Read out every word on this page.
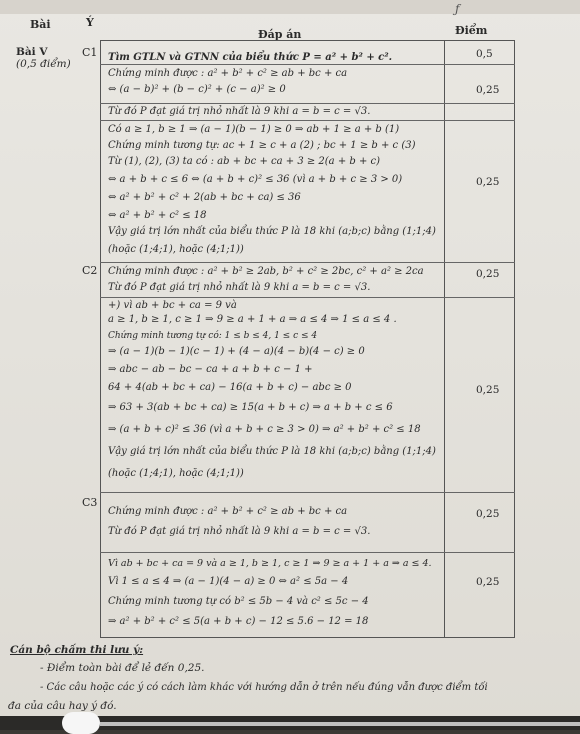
ƒ
Bài	Ý
Đáp án	Điểm
Bài V
(0,5 điểm)
C1 Tìm GTLN và GTNN của biểu thức P = a² + b² + c².
Chứng minh được : a² + b² + c² ≥ ab + bc + ca
⇔ (a − b)² + (b − c)² + (c − a)² ≥ 0
Từ đó P đạt giá trị nhỏ nhất là 9 khi a = b = c = √3.
Có a ≥ 1, b ≥ 1 ⇒ (a − 1)(b − 1) ≥ 0 ⇒ ab + 1 ≥ a + b (1)
Chứng minh tương tự: ac + 1 ≥ c + a (2) ; bc + 1 ≥ b + c (3)
Từ (1), (2), (3) ta có : ab + bc + ca + 3 ≥ 2(a + b + c)
⇔ a + b + c ≤ 6 ⇔ (a + b + c)² ≤ 36 (vì a + b + c ≥ 3 > 0)
⇔ a² + b² + c² + 2(ab + bc + ca) ≤ 36
⇔ a² + b² + c² ≤ 18
Vậy giá trị lớn nhất của biểu thức P là 18 khi (a;b;c) bằng (1;1;4)
(hoặc (1;4;1), hoặc (4;1;1))
0,5
0,25
0,25
C2 Chứng minh được : a² + b² ≥ 2ab, b² + c² ≥ 2bc, c² + a² ≥ 2ca
Từ đó P đạt giá trị nhỏ nhất là 9 khi a = b = c = √3.
+) vì ab + bc + ca = 9 và
a ≥ 1, b ≥ 1, c ≥ 1 ⇒ 9 ≥ a + 1 + a ⇒ a ≤ 4 ⇒ 1 ≤ a ≤ 4 .
Chứng minh tương tự có: 1 ≤ b ≤ 4, 1 ≤ c ≤ 4
⇒ (a − 1)(b − 1)(c − 1) + (4 − a)(4 − b)(4 − c) ≥ 0
⇒ abc − ab − bc − ca + a + b + c − 1 +
64 + 4(ab + bc + ca) − 16(a + b + c) − abc ≥ 0
⇒ 63 + 3(ab + bc + ca) ≥ 15(a + b + c) ⇒ a + b + c ≤ 6
⇒ (a + b + c)² ≤ 36 (vì a + b + c ≥ 3 > 0) ⇒ a² + b² + c² ≤ 18
Vậy giá trị lớn nhất của biểu thức P là 18 khi (a;b;c) bằng (1;1;4)
(hoặc (1;4;1), hoặc (4;1;1))
0,25
0,25
C3
Chứng minh được : a² + b² + c² ≥ ab + bc + ca
Từ đó P đạt giá trị nhỏ nhất là 9 khi a = b = c = √3.
Vì ab + bc + ca = 9 và a ≥ 1, b ≥ 1, c ≥ 1 ⇒ 9 ≥ a + 1 + a ⇒ a ≤ 4.
Vì 1 ≤ a ≤ 4 ⇒ (a − 1)(4 − a) ≥ 0 ⇔ a² ≤ 5a − 4
Chứng minh tương tự có b² ≤ 5b − 4 và c² ≤ 5c − 4
⇒ a² + b² + c² ≤ 5(a + b + c) − 12 ≤ 5.6 − 12 = 18
0,25
0,25
Cán bộ chấm thi lưu ý:
- Điểm toàn bài để lẻ đến 0,25.
- Các câu hoặc các ý có cách làm khác với hướng dẫn ở trên nếu đúng vẫn được điểm tối
đa của câu hay ý đó.
